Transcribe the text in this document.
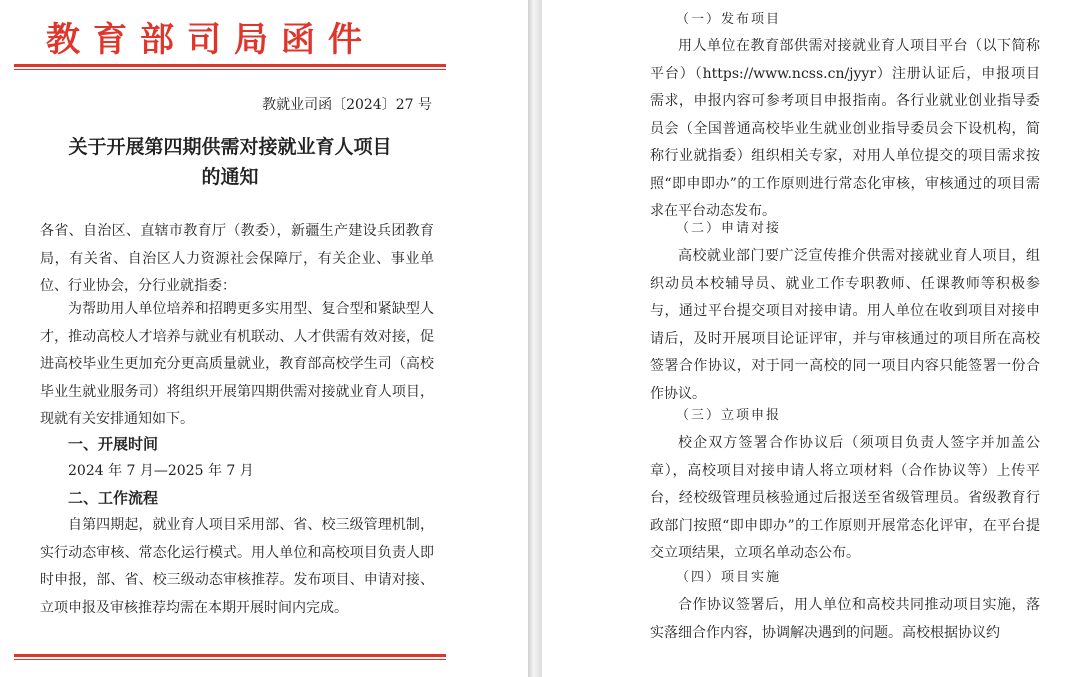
教育部司局函件
教就业司函〔2024〕27 号
关于开展第四期供需对接就业育人项目
的通知

各省、自治区、直辖市教育厅（教委），新疆生产建设兵团教育局，有关省、自治区人力资源社会保障厅，有关企业、事业单位、行业协会，分行业就指委：

为帮助用人单位培养和招聘更多实用型、复合型和紧缺型人才，推动高校人才培养与就业有机联动、人才供需有效对接，促进高校毕业生更加充分更高质量就业，教育部高校学生司（高校毕业生就业服务司）将组织开展第四期供需对接就业育人项目，现就有关安排通知如下。

一、开展时间

2024 年 7 月—2025 年 7 月

二、工作流程

自第四期起，就业育人项目采用部、省、校三级管理机制，实行动态审核、常态化运行模式。用人单位和高校项目负责人即时申报，部、省、校三级动态审核推荐。发布项目、申请对接、立项申报及审核推荐均需在本期开展时间内完成。

（一）发布项目

用人单位在教育部供需对接就业育人项目平台（以下简称平台）（https://www.ncss.cn/jyyr）注册认证后，申报项目需求，申报内容可参考项目申报指南。各行业就业创业指导委员会（全国普通高校毕业生就业创业指导委员会下设机构，简称行业就指委）组织相关专家，对用人单位提交的项目需求按照“即申即办”的工作原则进行常态化审核，审核通过的项目需求在平台动态发布。

（二）申请对接

高校就业部门要广泛宣传推介供需对接就业育人项目，组织动员本校辅导员、就业工作专职教师、任课教师等积极参与，通过平台提交项目对接申请。用人单位在收到项目对接申请后，及时开展项目论证评审，并与审核通过的项目所在高校签署合作协议，对于同一高校的同一项目内容只能签署一份合作协议。

（三）立项申报

校企双方签署合作协议后（须项目负责人签字并加盖公章），高校项目对接申请人将立项材料（合作协议等）上传平台，经校级管理员核验通过后报送至省级管理员。省级教育行政部门按照“即申即办”的工作原则开展常态化评审，在平台提交立项结果，立项名单动态公布。

（四）项目实施

合作协议签署后，用人单位和高校共同推动项目实施，落实落细合作内容，协调解决遇到的问题。高校根据协议约
